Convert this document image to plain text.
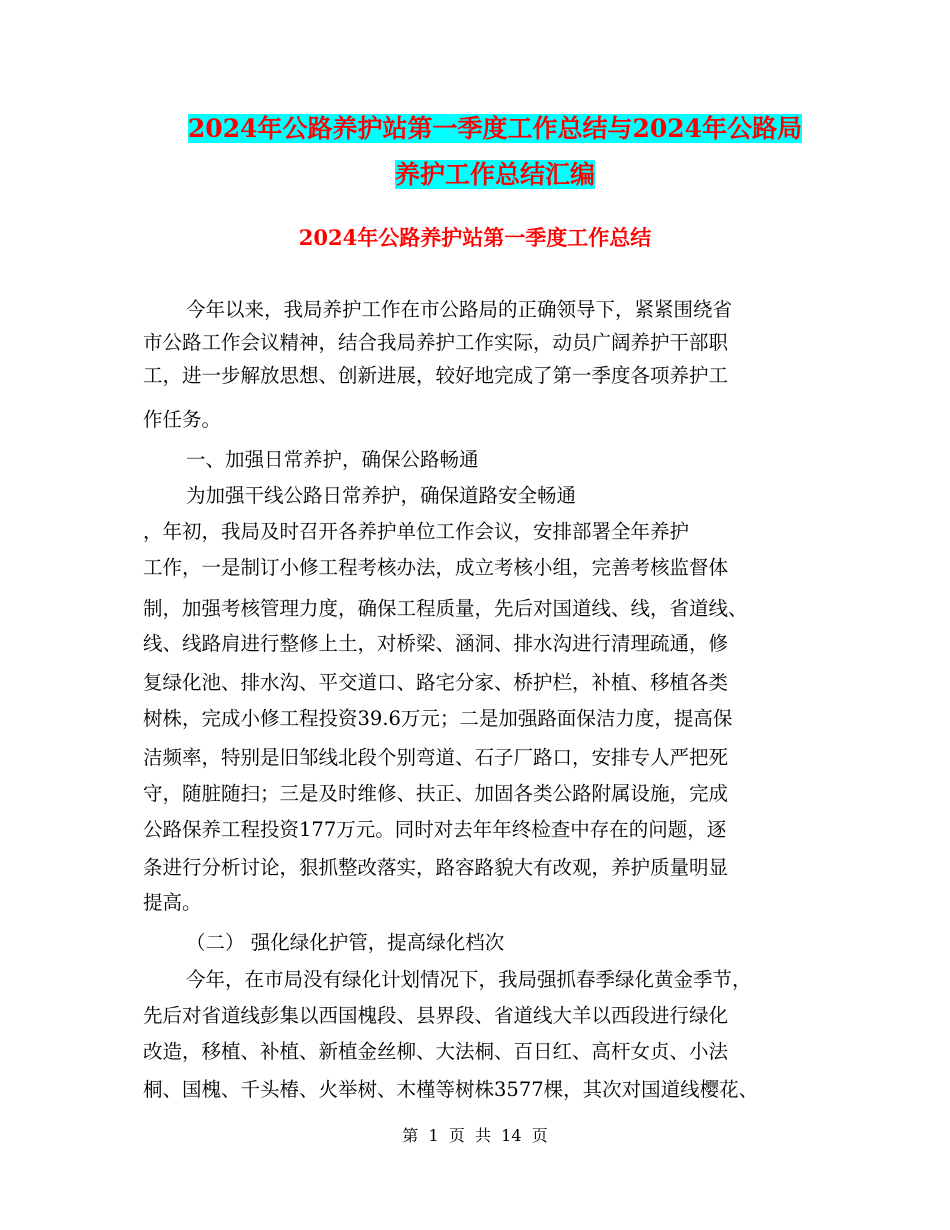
2024年公路养护站第一季度工作总结与2024年公路局
养护工作总结汇编
2024年公路养护站第一季度工作总结
今年以来，我局养护工作在市公路局的正确领导下，紧紧围绕省
市公路工作会议精神，结合我局养护工作实际，动员广阔养护干部职
工，进一步解放思想、创新进展，较好地完成了第一季度各项养护工
作任务。
一、加强日常养护，确保公路畅通
为加强干线公路日常养护，确保道路安全畅通
，年初，我局及时召开各养护单位工作会议，安排部署全年养护
工作，一是制订小修工程考核办法，成立考核小组，完善考核监督体
制，加强考核管理力度，确保工程质量，先后对国道线、线，省道线、
线、线路肩进行整修上土，对桥梁、涵洞、排水沟进行清理疏通，修
复绿化池、排水沟、平交道口、路宅分家、桥护栏，补植、移植各类
树株，完成小修工程投资39.6万元；二是加强路面保洁力度，提高保
洁频率，特别是旧邹线北段个别弯道、石子厂路口，安排专人严把死
守，随脏随扫；三是及时维修、扶正、加固各类公路附属设施，完成
公路保养工程投资177万元。同时对去年年终检查中存在的问题，逐
条进行分析讨论，狠抓整改落实，路容路貌大有改观，养护质量明显
提高。
（二） 强化绿化护管，提高绿化档次
今年，在市局没有绿化计划情况下，我局强抓春季绿化黄金季节，
先后对省道线彭集以西国槐段、县界段、省道线大羊以西段进行绿化
改造，移植、补植、新植金丝柳、大法桐、百日红、高杆女贞、小法
桐、国槐、千头椿、火举树、木槿等树株3577棵，其次对国道线樱花、
第  1  页  共  14  页
